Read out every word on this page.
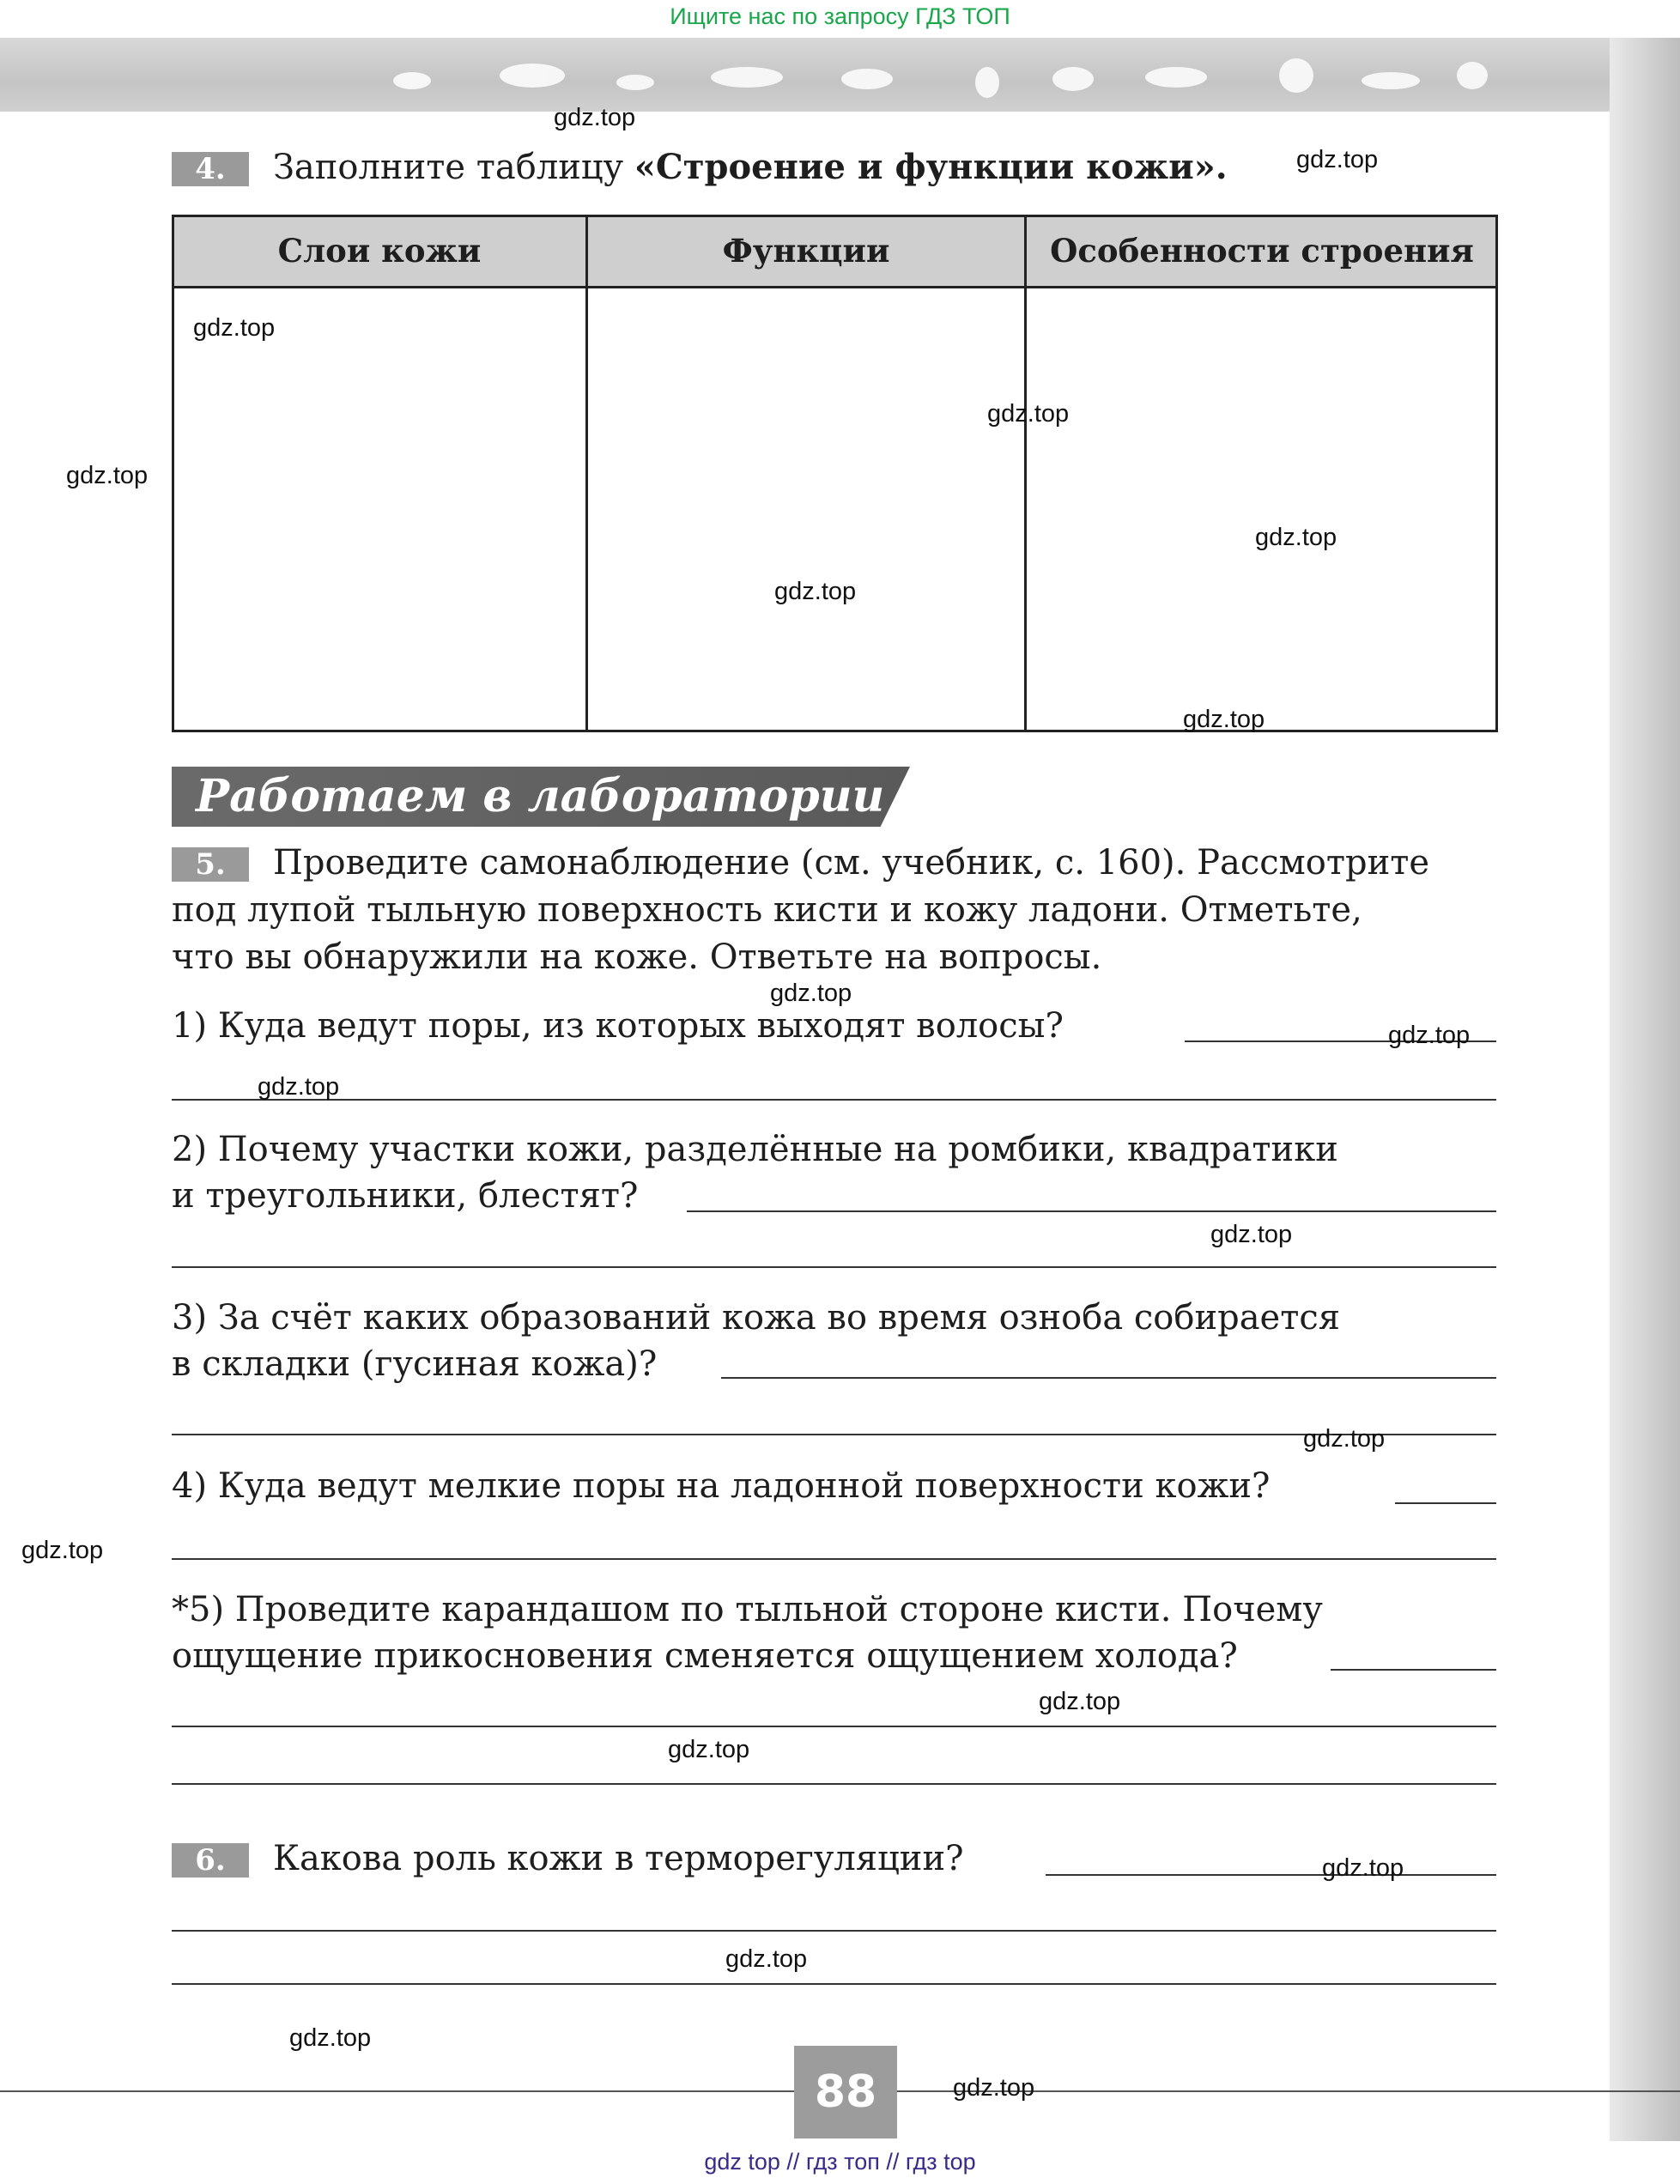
Ищите нас по запросу ГДЗ ТОП
4.	Заполните таблицу «Строение и функции кожи».
Слои кожи	Функции	Особенности строения
Работаем в лаборатории
5.	Проведите самонаблюдение (см. учебник, с. 160). Рассмотрите
под лупой тыльную поверхность кисти и кожу ладони. Отметьте,
что вы обнаружили на коже. Ответьте на вопросы.
1) Куда ведут поры, из которых выходят волосы?
2) Почему участки кожи, разделённые на ромбики, квадратики
и треугольники, блестят?
3) За счёт каких образований кожа во время озноба собирается
в складки (гусиная кожа)?
4) Куда ведут мелкие поры на ладонной поверхности кожи?
*5) Проведите карандашом по тыльной стороне кисти. Почему
ощущение прикосновения сменяется ощущением холода?
6.	Какова роль кожи в терморегуляции?
88
gdz.top
gdz.top
gdz.top
gdz.top
gdz.top
gdz.top
gdz.top
gdz.top
gdz.top
gdz.top
gdz.top
gdz.top
gdz.top
gdz.top
gdz.top
gdz.top
gdz.top
gdz.top
gdz.top
gdz.top
gdz top // гдз топ // гдз top
